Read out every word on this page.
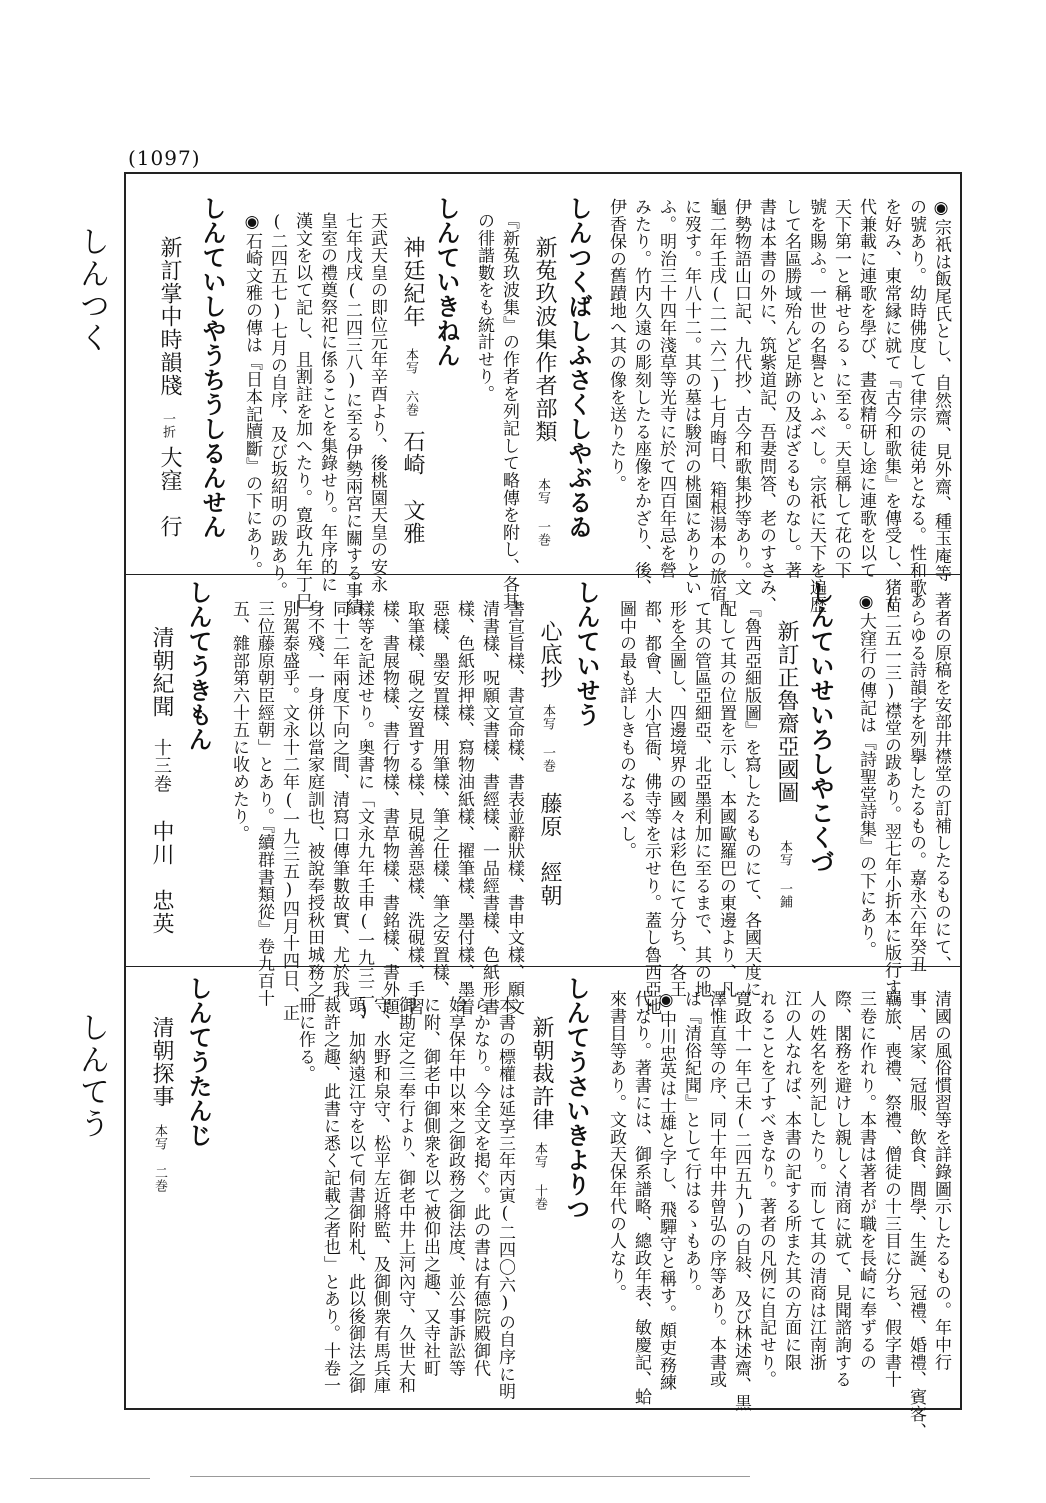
(1097)
しんつく
しんてう
◉宗祇は飯尾氏とし、自然齋、見外齋、種玉庵等
の號あり。幼時佛度して律宗の徒弟となる。性和歌
を好み、東常縁に就て『古今和歌集』を傳受し、猪苗
代兼載に連歌を學び、晝夜精研し途に連歌を以て
天下第一と稱せらるゝに至る。天皇稱して花の下
號を賜ふ。一世の名譽といふべし。宗祇に天下を遍歴
して名區勝域殆んど足跡の及ばざるものなし。著
書は本書の外に、筑紫道記、吾妻問答、老のすさみ、
伊勢物語山口記、九代抄、古今和歌集抄等あり。文
龜二年壬戌(二一六二)七月晦日、箱根湯本の旅宿
に歿す。年八十二。其の墓は駿河の桃園にありとい
ふ。明治三十四年淺草等光寺に於て四百年忌を營
みたり。竹内久遠の彫刻したる座像をかざり、後、
伊香保の舊蹟地へ其の像を送りたり。
しんつくばしふさくしやぶるゐ
新菟玖波集作者部類
本写 一巻
『新菟玖波集』の作者を列記して略傳を附し、各其
の徘諧數をも統計せり。
しんていきねん
神廷紀年
本写 六巻
石崎　文雅
天武天皇の即位元年辛酉より、後桃園天皇の安永
七年戊戌(二四三八)に至る伊勢兩宮に關する事績
皇室の禮奠祭祀に係ることを集錄せり。年序的に
漢文を以て記し、且割註を加へたり。寛政九年丁巳
(二四五七)七月の自序、及び坂紹明の跋あり。
◉石崎文雅の傳は『日本記牘斷』の下にあり。
しんていしやうちうしるんせん
新訂掌中時韻牋
一折
大窪　行
著者の原稿を安部井襟堂の訂補したるものにて、
あらゆる詩韻字を列擧したるもの。嘉永六年癸丑
(二五一三)襟堂の跋あり。翌七年小折本に版行す。
◉大窪行の傳記は『詩聖堂詩集』の下にあり。
しんていせいろしやこくづ
新訂正魯齋亞國圖
本写 一鋪
『魯西亞細版圖』を寫したるものにて、各國天度に
配して其の位置を示し、本國歐羅巴の東邊より、凡
て其の管區亞細亞、北亞墨利加に至るまで、其の地
形を全圖し、四邊境界の國々は彩色にて分ち、各王
都、都會、大小官衙、佛寺等を示せり。蓋し魯西亞地
圖中の最も詳しきものなるべし。
しんていせう
心底抄
本写 一巻
藤原　經朝
書宣旨樣、書宣命樣、書表並辭狀樣、書申文樣、願文
清書樣、呪願文書樣、書經樣、一品經書樣、色紙形書
樣、色紙形押樣、寫物油紙樣、擢筆樣、墨付樣、墨着
惡樣、墨安置樣、用筆樣、筆之仕樣、筆之安置樣、
取筆樣、硯之安置する樣、見硯善惡樣、洗硯樣、手習
樣、書展物樣、書行物樣、書草物樣、書銘樣、書外題
樣等を記述せり。奥書に「文永九年壬申(一九三二)
同十二年兩度下向之間、清寫口傳筆數故實、尤於我
身不殘、一身併以當家庭訓也、被說奉授秋田城務之
別駕泰盛乎。文永十二年(一九三五)四月十四日、正
三位藤原朝臣經朝」とあり。『續群書類從』卷九百十
五、雜部第六十五に收めたり。
しんてうきもん
清朝紀聞
十三巻
中川　忠英
清國の風俗慣習等を詳錄圖示したるもの。年中行
事、居家、冠服、飲食、閭學、生誕、冠禮、婚禮、賓客、
羈旅、喪禮、祭禮、僧徒の十三目に分ち、假字書十
三卷に作れり。本書は著者が職を長崎に奉ずるの
際、閣務を避けし親しく清商に就て、見聞諮詢する
人の姓名を列記したり。而して其の清商は江南浙
江の人なれば、本書の記する所また其の方面に限
れることを了すべきなり。著者の凡例に自記せり。
寛政十一年己未(二四五九)の自敍、及び林述齋、黒
澤惟直等の序、同十年中井曾弘の序等あり。本書或
は『清俗紀聞』として行はるゝもあり。
◉中川忠英は士雄と字し、飛驒守と稱す。頗吏務練
代なり。著書には、御系譜略、總政年表、敏慶記、蛤
來書目等あり。文政天保年代の人なり。
しんてうさいきよりつ
新朝裁許律
本写 十巻
本書の標權は延享三年丙寅(二四〇六)の自序に明
らかなり。今全文を掲ぐ。此の書は有德院殿御代
始享保年中以來之御政務之御法度、並公事訴訟等
に附、御老中御側衆を以て被仰出之趣、又寺社町
御勘定之三奉行より、御老中井上河內守、久世大和
守、水野和泉守、松平左近將監、及御側衆有馬兵庫
頭、加納遠江守を以て伺書御附札、此以後御法之御
裁許之趣、此書に悉く記載之者也」とあり。十卷一
冊に作る。
しんてうたんじ
清朝探事
本写 二巻
